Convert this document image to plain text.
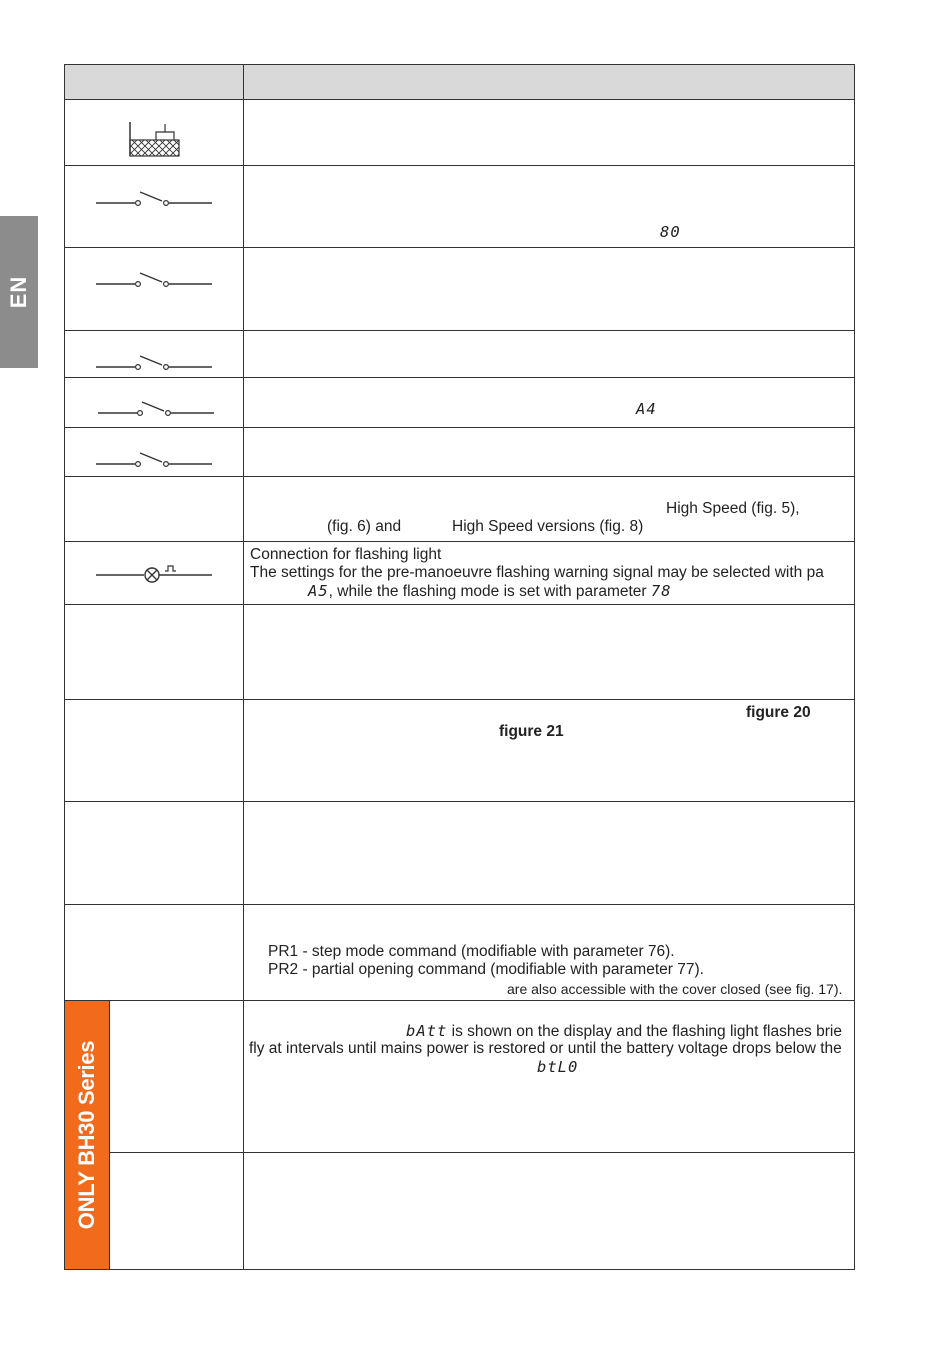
EN
ONLY BH30 Series
80
A4
High Speed (fig. 5),
(fig. 6) and	High Speed versions (fig. 8)
Connection for flashing light
The settings for the pre-manoeuvre flashing warning signal may be selected with pa
A5, while the flashing mode is set with parameter 78
figure 20
figure 21
PR1 - step mode command (modifiable with parameter 76).
PR2 - partial opening command (modifiable with parameter 77).
are also accessible with the cover closed (see fig. 17).
bAtt is shown on the display and the flashing light flashes brie
fly at intervals until mains power is restored or until the battery voltage drops below the
btL0
